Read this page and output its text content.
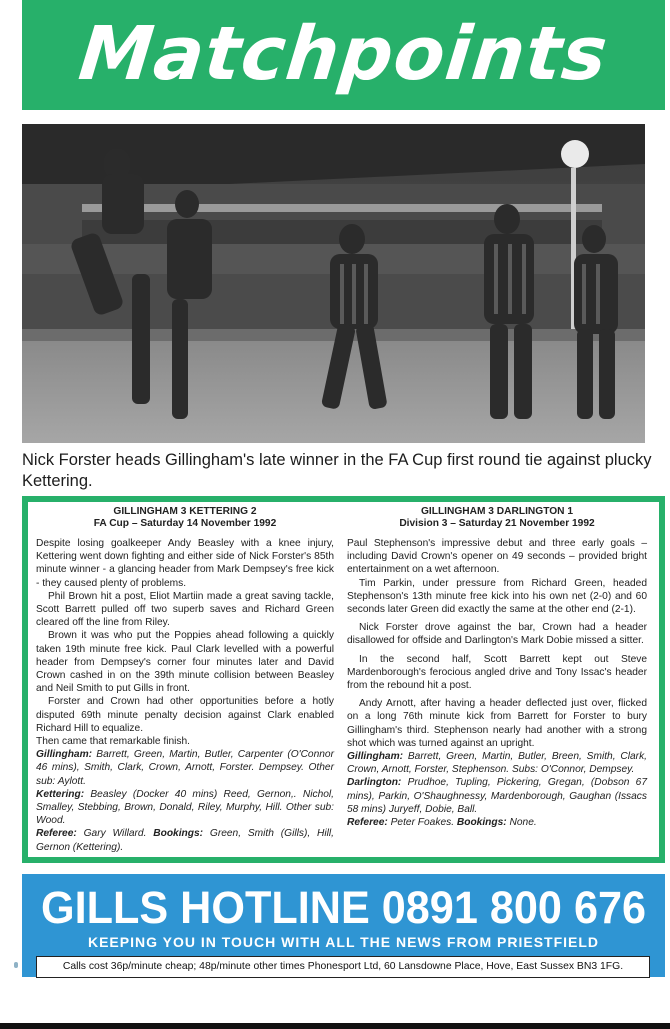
Matchpoints
Nick Forster heads Gillingham's late winner in the FA Cup first round tie against plucky Kettering.
GILLINGHAM 3 KETTERING 2
FA Cup – Saturday 14 November 1992

Despite losing goalkeeper Andy Beasley with a knee injury, Kettering went down fighting and either side of Nick Forster's 85th minute winner - a glancing header from Mark Dempsey's free kick - they caused plenty of problems.

Phil Brown hit a post, Eliot Martiin made a great saving tackle, Scott Barrett pulled off two superb saves and Richard Green cleared off the line from Riley.

Brown it was who put the Poppies ahead following a quickly taken 19th minute free kick. Paul Clark levelled with a powerful header from Dempsey's corner four minutes later and David Crown cashed in on the 39th minute collision between Beasley and Neil Smith to put Gills in front.

Forster and Crown had other opportunities before a hotly disputed 69th minute penalty decision against Clark enabled Richard Hill to equalize.

Then came that remarkable finish.

Gillingham: Barrett, Green, Martin, Butler, Carpenter (O'Connor 46 mins), Smith, Clark, Crown, Arnott, Forster. Dempsey. Other sub: Aylott.

Kettering: Beasley (Docker 40 mins) Reed, Gernon,. Nichol, Smalley, Stebbing, Brown, Donald, Riley, Murphy, Hill. Other sub: Wood.

Referee: Gary Willard. Bookings: Green, Smith (Gills), Hill, Gernon (Kettering).

GILLINGHAM 3 DARLINGTON 1
Division 3 – Saturday 21 November 1992

Paul Stephenson's impressive debut and three early goals – including David Crown's opener on 49 seconds – provided bright entertainment on a wet afternoon.

Tim Parkin, under pressure from Richard Green, headed Stephenson's 13th minute free kick into his own net (2-0) and 60 seconds later Green did exactly the same at the other end (2-1).

Nick Forster drove against the bar, Crown had a header disallowed for offside and Darlington's Mark Dobie missed a sitter.

In the second half, Scott Barrett kept out Steve Mardenborough's ferocious angled drive and Tony Issac's header from the rebound hit a post.

Andy Arnott, after having a header deflected just over, flicked on a long 76th minute kick from Barrett for Forster to bury Gillingham's third. Stephenson nearly had another with a strong shot which was turned against an upright.

Gillingham: Barrett, Green, Martin, Butler, Breen, Smith, Clark, Crown, Arnott, Forster, Stephenson. Subs: O'Connor, Dempsey.

Darlington: Prudhoe, Tupling, Pickering, Gregan, (Dobson 67 mins), Parkin, O'Shaughnessy, Mardenborough, Gaughan (Issacs 58 mins) Juryeff, Dobie, Ball.

Referee: Peter Foakes. Bookings: None.

GILLS HOTLINE 0891 800 676
KEEPING YOU IN TOUCH WITH ALL THE NEWS FROM PRIESTFIELD
Calls cost 36p/minute cheap; 48p/minute other times Phonesport Ltd, 60 Lansdowne Place, Hove, East Sussex BN3 1FG.
